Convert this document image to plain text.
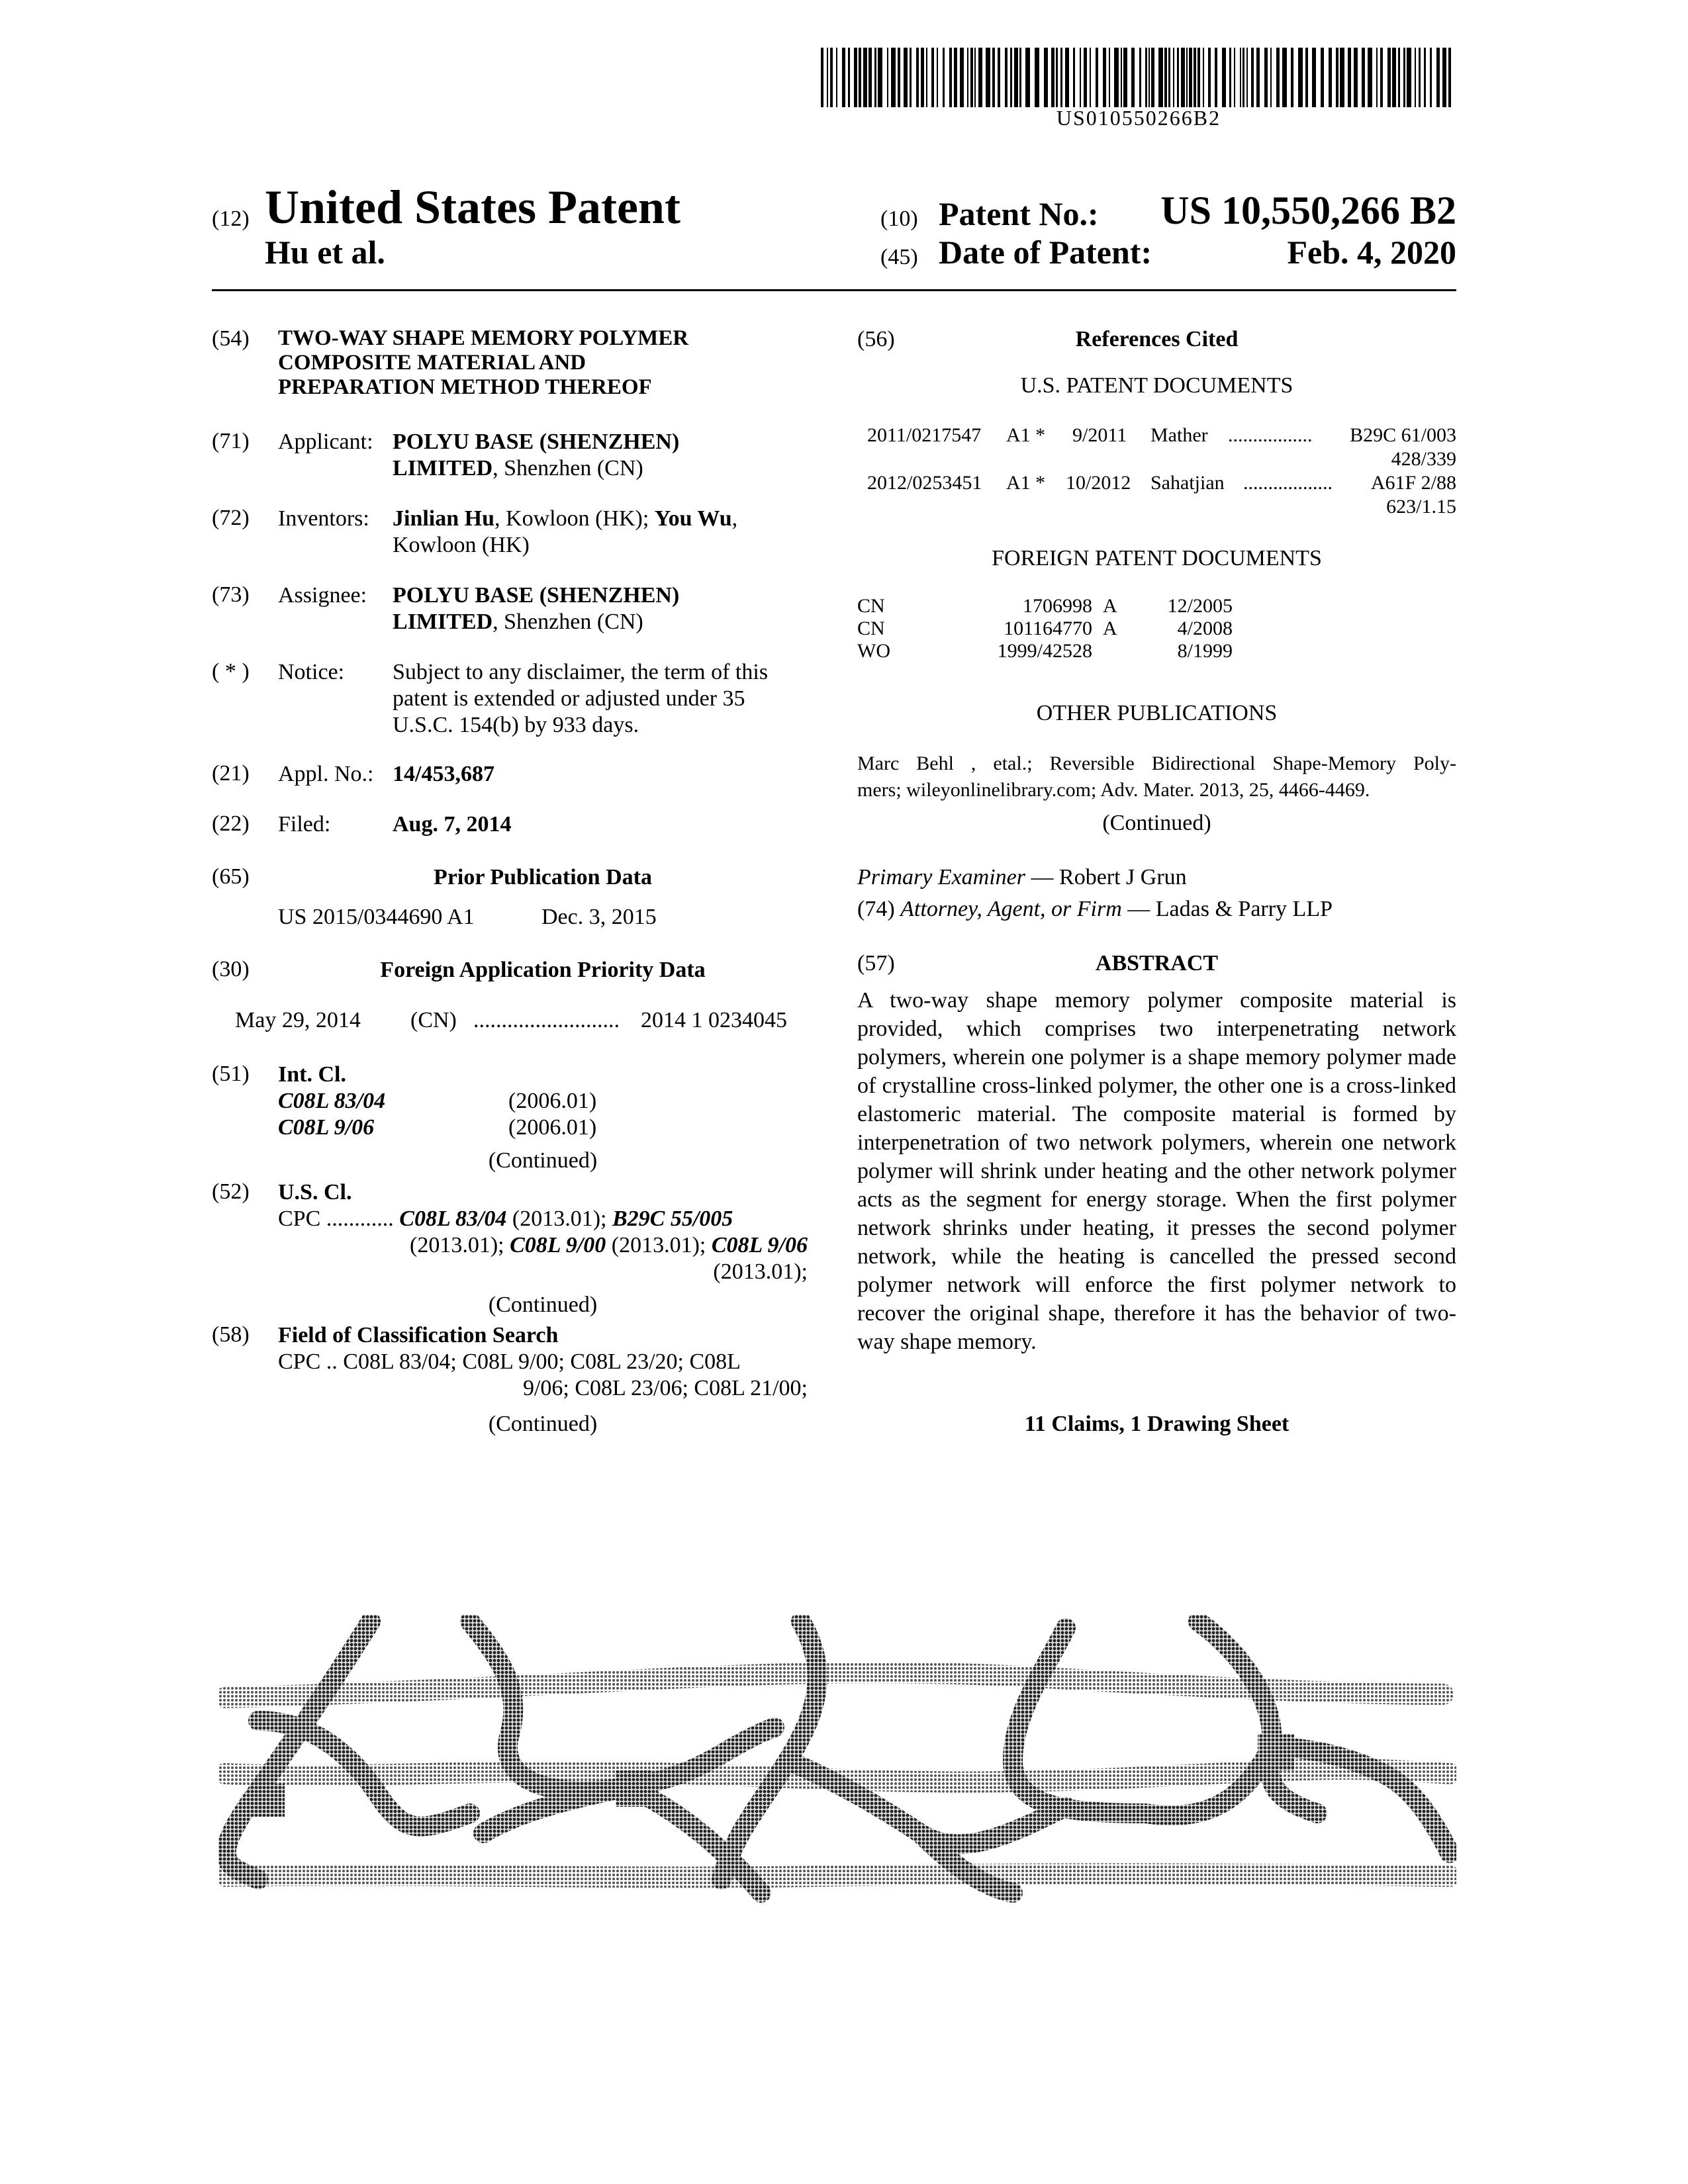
US010550266B2
(12) United States Patent
Hu et al.
(10) Patent No.:	US 10,550,266 B2
(45) Date of Patent:	Feb. 4, 2020
(54) TWO-WAY SHAPE MEMORY POLYMER
COMPOSITE MATERIAL AND
PREPARATION METHOD THEREOF
(71) Applicant: POLYU BASE (SHENZHEN)
LIMITED, Shenzhen (CN)
(72) Inventors: Jinlian Hu, Kowloon (HK); You Wu,
Kowloon (HK)
(73) Assignee: POLYU BASE (SHENZHEN)
LIMITED, Shenzhen (CN)
( * ) Notice: Subject to any disclaimer, the term of this
patent is extended or adjusted under 35
U.S.C. 154(b) by 933 days.
(21) Appl. No.: 14/453,687
(22) Filed:	Aug. 7, 2014
(65)	Prior Publication Data
US 2015/0344690 A1	Dec. 3, 2015
(30)	Foreign Application Priority Data
May 29, 2014 (CN) .......................... 2014 1 0234045
(51) Int. Cl.
C08L 83/04	(2006.01)
C08L 9/06	(2006.01)
(Continued)
(52) U.S. Cl.
CPC ............ C08L 83/04 (2013.01); B29C 55/005
(2013.01); C08L 9/00 (2013.01); C08L 9/06
(2013.01);
(Continued)
(58) Field of Classification Search
CPC .. C08L 83/04; C08L 9/00; C08L 23/20; C08L
9/06; C08L 23/06; C08L 21/00;
(Continued)
(56)	References Cited
U.S. PATENT DOCUMENTS
2011/0217547 A1 * 9/2011 Mather .................	B29C 61/003
428/339
2012/0253451 A1 * 10/2012 Sahatjian ..................	A61F 2/88
623/1.15
FOREIGN PATENT DOCUMENTS
CN	1706998 A	12/2005
CN	101164770 A	4/2008
WO	1999/42528	8/1999
OTHER PUBLICATIONS
Marc Behl , etal.; Reversible Bidirectional Shape-Memory Poly-
mers; wileyonlinelibrary.com; Adv. Mater. 2013, 25, 4466-4469.
(Continued)
Primary Examiner — Robert J Grun
(74) Attorney, Agent, or Firm — Ladas & Parry LLP
(57)	ABSTRACT
A two-way shape memory polymer composite material is provided, which comprises two interpenetrating network polymers, wherein one polymer is a shape memory polymer made of crystalline cross-linked polymer, the other one is a cross-linked elastomeric material. The composite material is formed by interpenetration of two network polymers, wherein one network polymer will shrink under heating and the other network polymer acts as the segment for energy storage. When the first polymer network shrinks under heating, it presses the second polymer network, while the heating is cancelled the pressed second polymer network will enforce the first polymer network to recover the original shape, therefore it has the behavior of two-way shape memory.
11 Claims, 1 Drawing Sheet
